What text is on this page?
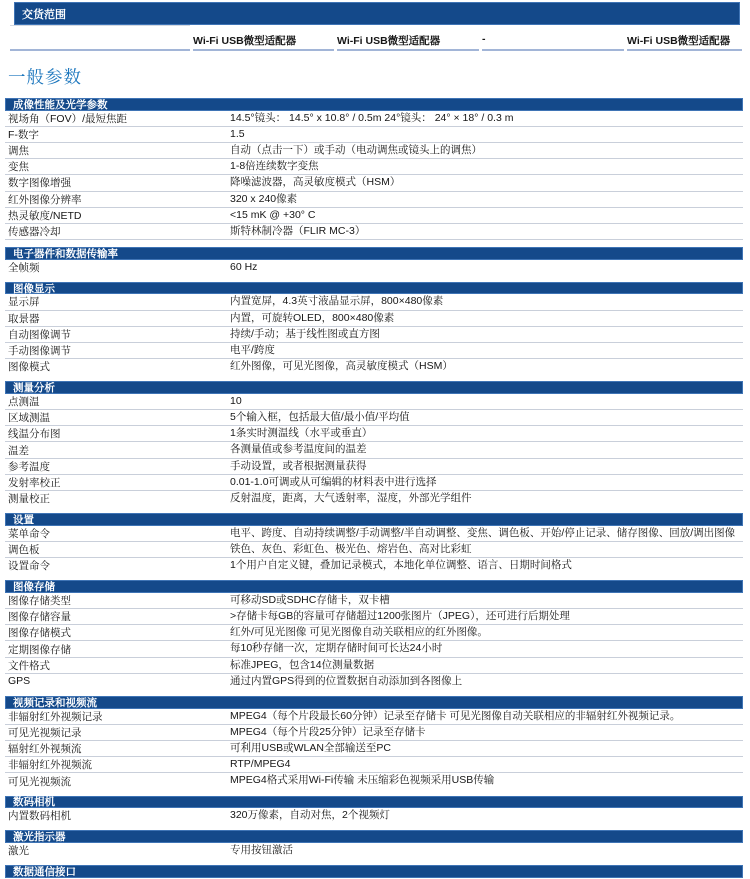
交货范围
Wi-Fi USB微型适配器	Wi-Fi USB微型适配器	-	Wi-Fi USB微型适配器
一般参数
成像性能及光学参数
视场角（FOV）/最短焦距	14.5°镜头： 14.5° x 10.8° / 0.5m 24°镜头： 24° × 18° / 0.3 m
F-数字	1.5
调焦	自动（点击一下）或手动（电动调焦或镜头上的调焦）
变焦	1-8倍连续数字变焦
数字图像增强	降噪滤波器，高灵敏度模式（HSM）
红外图像分辨率	320 x 240像素
热灵敏度/NETD	<15 mK @ +30° C
传感器冷却	斯特林制冷器（FLIR MC-3）
电子器件和数据传输率
全帧频	60 Hz
图像显示
显示屏	内置宽屏，4.3英寸液晶显示屏，800×480像素
取景器	内置，可旋转OLED，800×480像素
自动图像调节	持续/手动；基于线性图或直方图
手动图像调节	电平/跨度
图像模式	红外图像，可见光图像，高灵敏度模式（HSM）
测量分析
点测温	10
区域测温	5个输入框，包括最大值/最小值/平均值
线温分布图	1条实时测温线（水平或垂直）
温差	各测量值或参考温度间的温差
参考温度	手动设置，或者根据测量获得
发射率校正	0.01-1.0可调或从可编辑的材料表中进行选择
测量校正	反射温度，距离，大气透射率，湿度，外部光学组件
设置
菜单命令	电平、跨度、自动持续调整/手动调整/半自动调整、变焦、调色板、开始/停止记录、储存图像、回放/调出图像
调色板	铁色、灰色、彩虹色、极光色、熔岩色、高对比彩虹
设置命令	1个用户自定义键，叠加记录模式，本地化单位调整、语言、日期时间格式
图像存储
图像存储类型	可移动SD或SDHC存储卡，双卡槽
图像存储容量	>存储卡每GB的容量可存储超过1200张图片（JPEG），还可进行后期处理
图像存储模式	红外/可见光图像 可见光图像自动关联相应的红外图像。
定期图像存储	每10秒存储一次，定期存储时间可长达24小时
文件格式	标准JPEG，包含14位测量数据
GPS	通过内置GPS得到的位置数据自动添加到各图像上
视频记录和视频流
非辐射红外视频记录	MPEG4（每个片段最长60分钟）记录至存储卡 可见光图像自动关联相应的非辐射红外视频记录。
可见光视频记录	MPEG4（每个片段25分钟）记录至存储卡
辐射红外视频流	可利用USB或WLAN全部输送至PC
非辐射红外视频流	RTP/MPEG4
可见光视频流	MPEG4格式采用Wi-Fi传输 未压缩彩色视频采用USB传输
数码相机
内置数码相机	320万像素，自动对焦，2个视频灯
激光指示器
激光	专用按钮激活
数据通信接口
